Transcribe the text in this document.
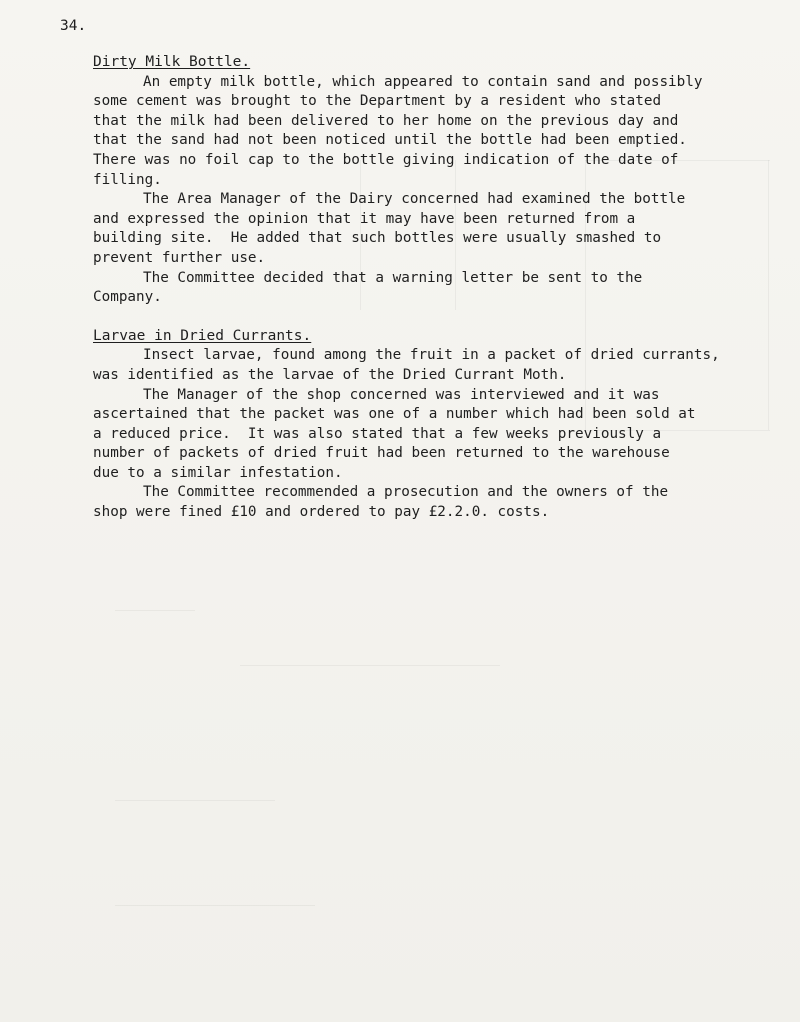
34.
Dirty Milk Bottle.
An empty milk bottle, which appeared to contain sand and possibly
some cement was brought to the Department by a resident who stated
that the milk had been delivered to her home on the previous day and
that the sand had not been noticed until the bottle had been emptied.
There was no foil cap to the bottle giving indication of the date of
filling.
The Area Manager of the Dairy concerned had examined the bottle
and expressed the opinion that it may have been returned from a
building site.  He added that such bottles were usually smashed to
prevent further use.
The Committee decided that a warning letter be sent to the
Company.
Larvae in Dried Currants.
Insect larvae, found among the fruit in a packet of dried currants,
was identified as the larvae of the Dried Currant Moth.
The Manager of the shop concerned was interviewed and it was
ascertained that the packet was one of a number which had been sold at
a reduced price.  It was also stated that a few weeks previously a
number of packets of dried fruit had been returned to the warehouse
due to a similar infestation.
The Committee recommended a prosecution and the owners of the
shop were fined £10 and ordered to pay £2.2.0. costs.
